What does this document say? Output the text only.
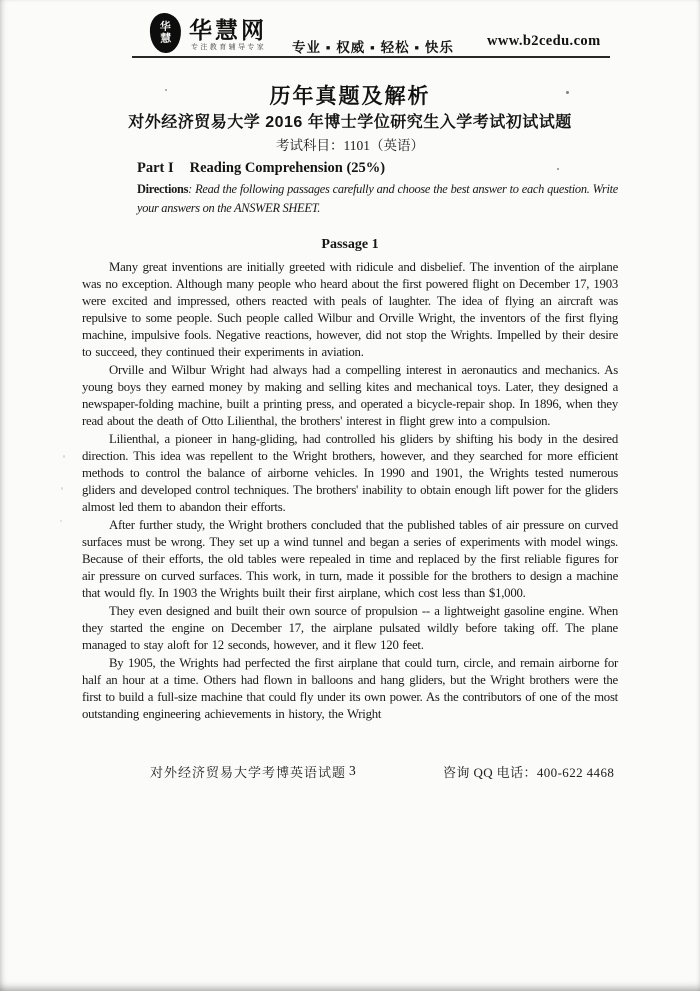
华
慧 华慧网
专注教育辅导专家 专业 ▪ 权威 ▪ 轻松 ▪ 快乐 www.b2cedu.com
历年真题及解析
对外经济贸易大学 2016 年博士学位研究生入学考试初试试题
考试科目：1101（英语）
Part I Reading Comprehension (25%)
Directions: Read the following passages carefully and choose the best answer to each question. Write your answers on the ANSWER SHEET.
Passage 1

Many great inventions are initially greeted with ridicule and disbelief. The invention of the airplane was no exception. Although many people who heard about the first powered flight on December 17, 1903 were excited and impressed, others reacted with peals of laughter. The idea of flying an aircraft was repulsive to some people. Such people called Wilbur and Orville Wright, the inventors of the first flying machine, impulsive fools. Negative reactions, however, did not stop the Wrights. Impelled by their desire to succeed, they continued their experiments in aviation.

Orville and Wilbur Wright had always had a compelling interest in aeronautics and mechanics. As young boys they earned money by making and selling kites and mechanical toys. Later, they designed a newspaper-folding machine, built a printing press, and operated a bicycle-repair shop. In 1896, when they read about the death of Otto Lilienthal, the brothers' interest in flight grew into a compulsion.

Lilienthal, a pioneer in hang-gliding, had controlled his gliders by shifting his body in the desired direction. This idea was repellent to the Wright brothers, however, and they searched for more efficient methods to control the balance of airborne vehicles. In 1990 and 1901, the Wrights tested numerous gliders and developed control techniques. The brothers' inability to obtain enough lift power for the gliders almost led them to abandon their efforts.

After further study, the Wright brothers concluded that the published tables of air pressure on curved surfaces must be wrong. They set up a wind tunnel and began a series of experiments with model wings. Because of their efforts, the old tables were repealed in time and replaced by the first reliable figures for air pressure on curved surfaces. This work, in turn, made it possible for the brothers to design a machine that would fly. In 1903 the Wrights built their first airplane, which cost less than $1,000.

They even designed and built their own source of propulsion -- a lightweight gasoline engine. When they started the engine on December 17, the airplane pulsated wildly before taking off. The plane managed to stay aloft for 12 seconds, however, and it flew 120 feet.

By 1905, the Wrights had perfected the first airplane that could turn, circle, and remain airborne for half an hour at a time. Others had flown in balloons and hang gliders, but the Wright brothers were the first to build a full-size machine that could fly under its own power. As the contributors of one of the most outstanding engineering achievements in history, the Wright

对外经济贸易大学考博英语试题 3	咨询 QQ 电话：400-622 4468
